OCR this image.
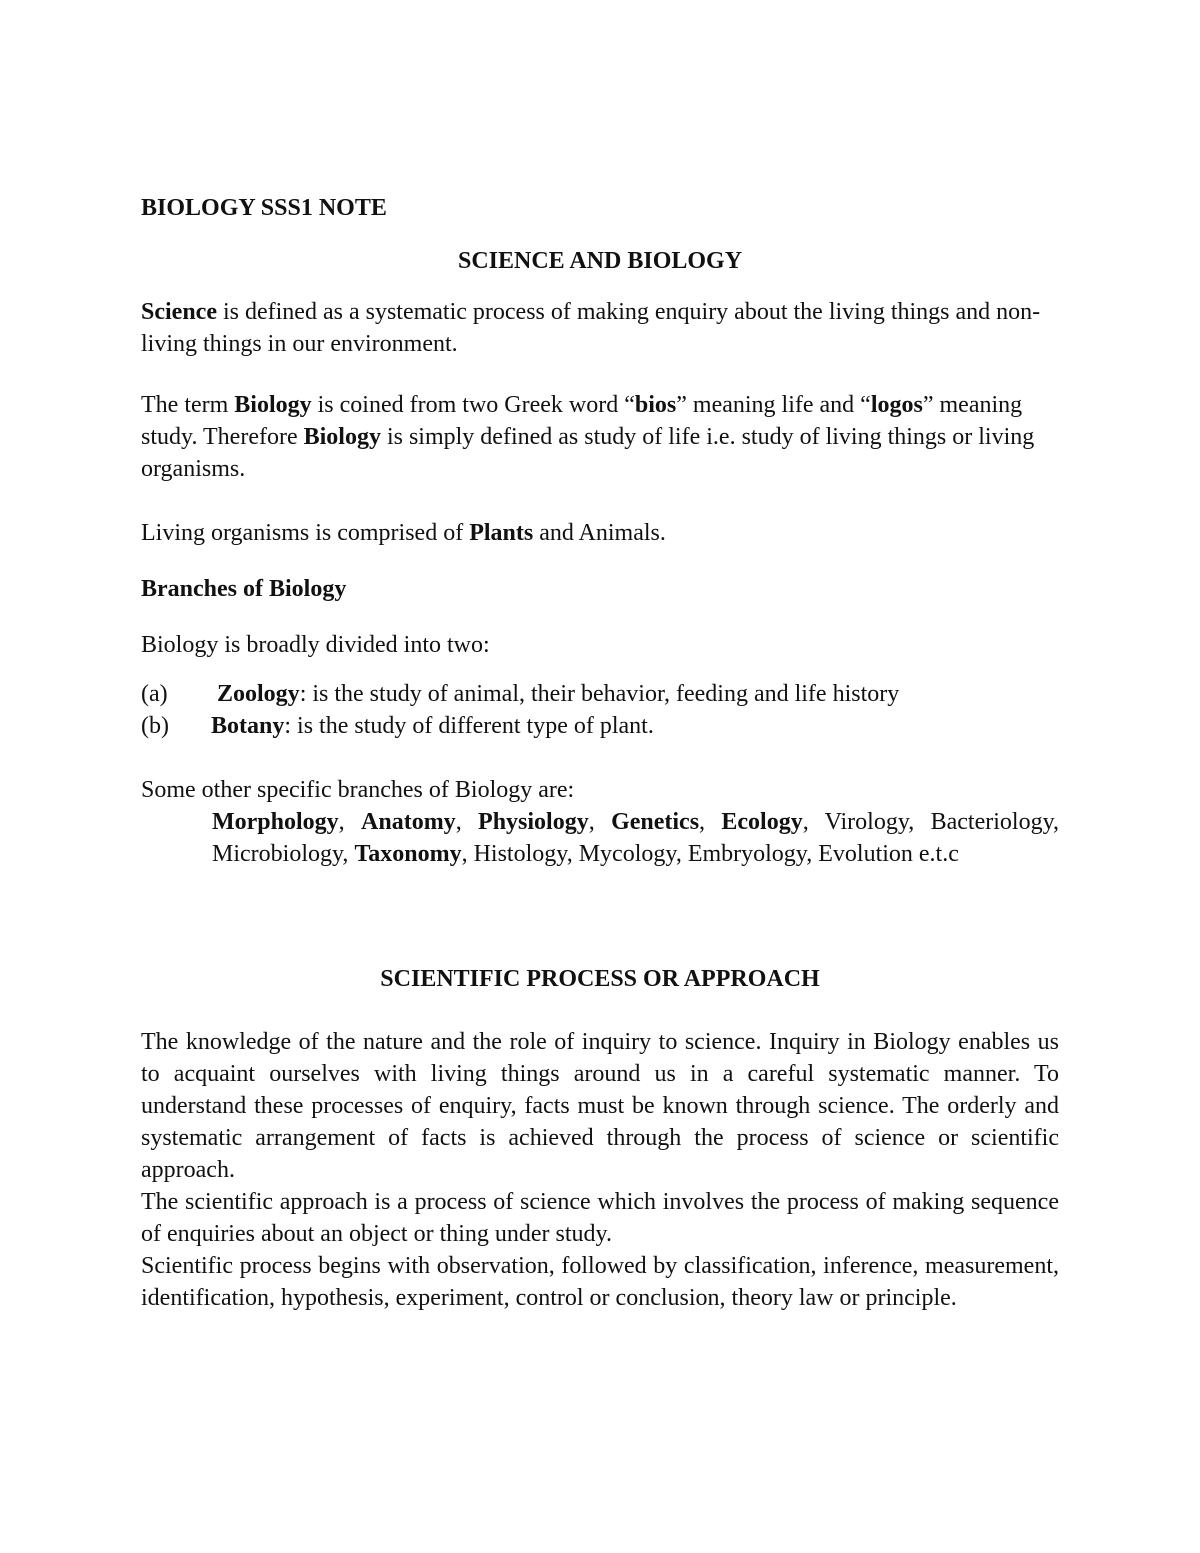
BIOLOGY SSS1 NOTE

SCIENCE AND BIOLOGY

Science is defined as a systematic process of making enquiry about the living things and non-living things in our environment.

The term Biology is coined from two Greek word “bios” meaning life and “logos” meaning study. Therefore Biology is simply defined as study of life i.e. study of living things or living organisms.

Living organisms is comprised of Plants and Animals.

Branches of Biology

Biology is broadly divided into two:

(a)	Zoology: is the study of animal, their behavior, feeding and life history
(b)	Botany: is the study of different type of plant.

Some other specific branches of Biology are:

Morphology, Anatomy, Physiology, Genetics, Ecology, Virology, Bacteriology, Microbiology, Taxonomy, Histology, Mycology, Embryology, Evolution e.t.c

SCIENTIFIC PROCESS OR APPROACH

The knowledge of the nature and the role of inquiry to science. Inquiry in Biology enables us to acquaint ourselves with living things around us in a careful systematic manner. To understand these processes of enquiry, facts must be known through science. The orderly and systematic arrangement of facts is achieved through the process of science or scientific approach.
The scientific approach is a process of science which involves the process of making sequence of enquiries about an object or thing under study.
Scientific process begins with observation, followed by classification, inference, measurement, identification, hypothesis, experiment, control or conclusion, theory law or principle.
